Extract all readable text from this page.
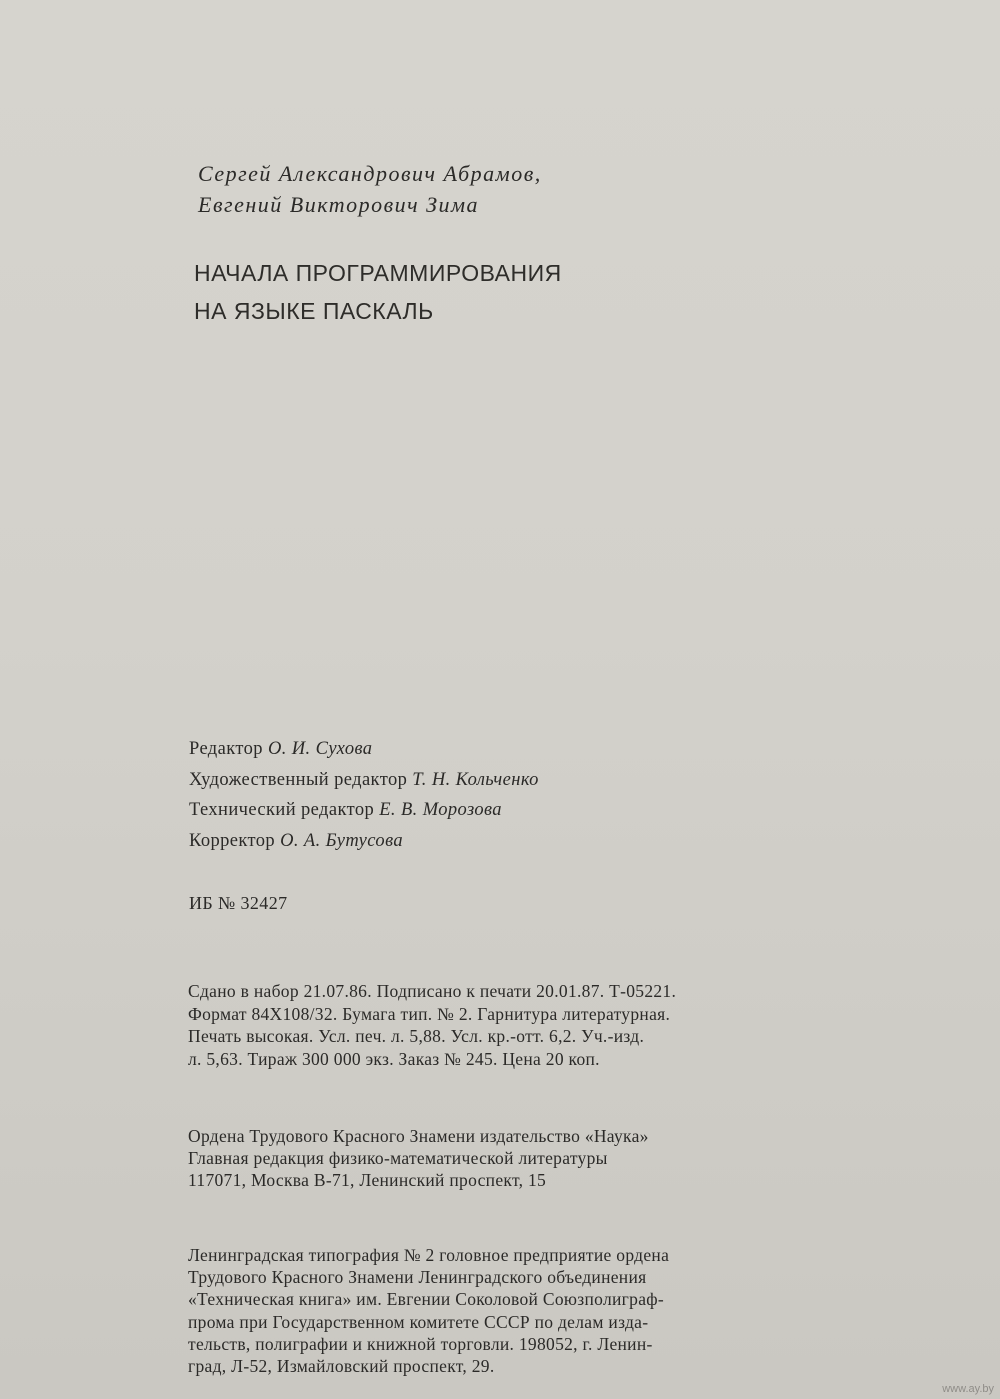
Сергей Александрович Абрамов,
Евгений Викторович Зима
НАЧАЛА ПРОГРАММИРОВАНИЯ
НА ЯЗЫКЕ ПАСКАЛЬ
Редактор О. И. Сухова
Художественный редактор Т. Н. Кольченко
Технический редактор Е. В. Морозова
Корректор О. А. Бутусова
ИБ № 32427
Сдано в набор 21.07.86. Подписано к печати 20.01.87. Т-05221.
Формат 84Х108/32. Бумага тип. № 2. Гарнитура литературная.
Печать высокая. Усл. печ. л. 5,88. Усл. кр.-отт. 6,2. Уч.-изд.
л. 5,63. Тираж 300 000 экз. Заказ № 245. Цена 20 коп.
Ордена Трудового Красного Знамени издательство «Наука»
Главная редакция физико-математической литературы
117071, Москва В-71, Ленинский проспект, 15
Ленинградская типография № 2 головное предприятие ордена
Трудового Красного Знамени Ленинградского объединения
«Техническая книга» им. Евгении Соколовой Союзполиграф-
прома при Государственном комитете СССР по делам изда-
тельств, полиграфии и книжной торговли. 198052, г. Ленин-
град, Л-52, Измайловский проспект, 29.
www.ay.by
